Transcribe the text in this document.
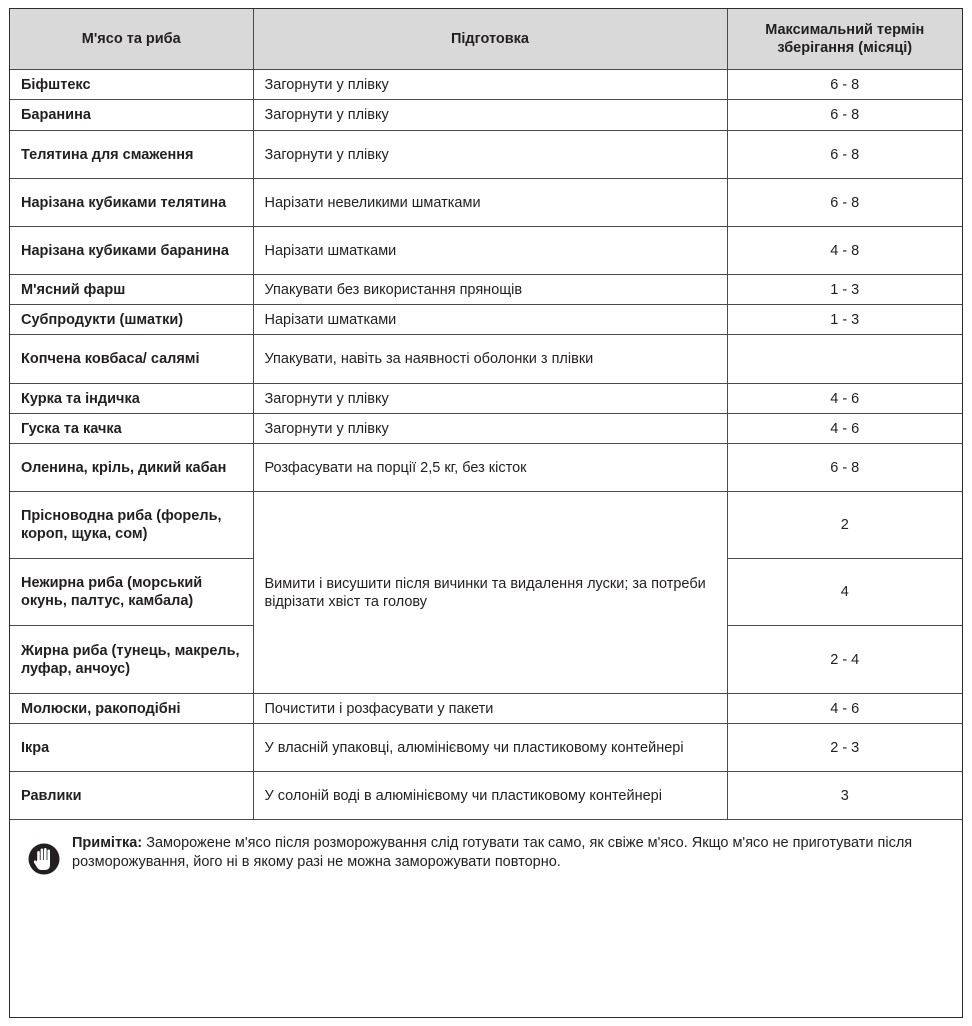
М'ясо та риба	Підготовка	Максимальний термін зберігання (місяці)
Біфштекс	Загорнути у плівку	6 - 8
Баранина	Загорнути у плівку	6 - 8
Телятина для смаження	Загорнути у плівку	6 - 8
Нарізана кубиками телятина	Нарізати невеликими шматками	6 - 8
Нарізана кубиками баранина	Нарізати шматками	4 - 8
М'ясний фарш	Упакувати без використання прянощів	1 - 3
Субпродукти (шматки)	Нарізати шматками	1 - 3
Копчена ковбаса/ салямі	Упакувати, навіть за наявності оболонки з плівки	
Курка та індичка	Загорнути у плівку	4 - 6
Гуска та качка	Загорнути у плівку	4 - 6
Оленина, кріль, дикий кабан	Розфасувати на порції 2,5 кг, без кісток	6 - 8
Прісноводна риба (форель, короп, щука, сом)	Вимити і висушити після вичинки та видалення луски; за потреби відрізати хвіст та голову	2
Нежирна риба (морський окунь, палтус, камбала)		4
Жирна риба (тунець, макрель, луфар, анчоус)		2 - 4
Молюски, ракоподібні	Почистити і розфасувати у пакети	4 - 6
Ікра	У власній упаковці, алюмінієвому чи пластиковому контейнері	2 - 3
Равлики	У солоній воді в алюмінієвому чи пластиковому контейнері	3
Примітка: Заморожене м'ясо після розморожування слід готувати так само, як свіже м'ясо. Якщо м'ясо не приготувати після розморожування, його ні в якому разі не можна заморожувати повторно.
